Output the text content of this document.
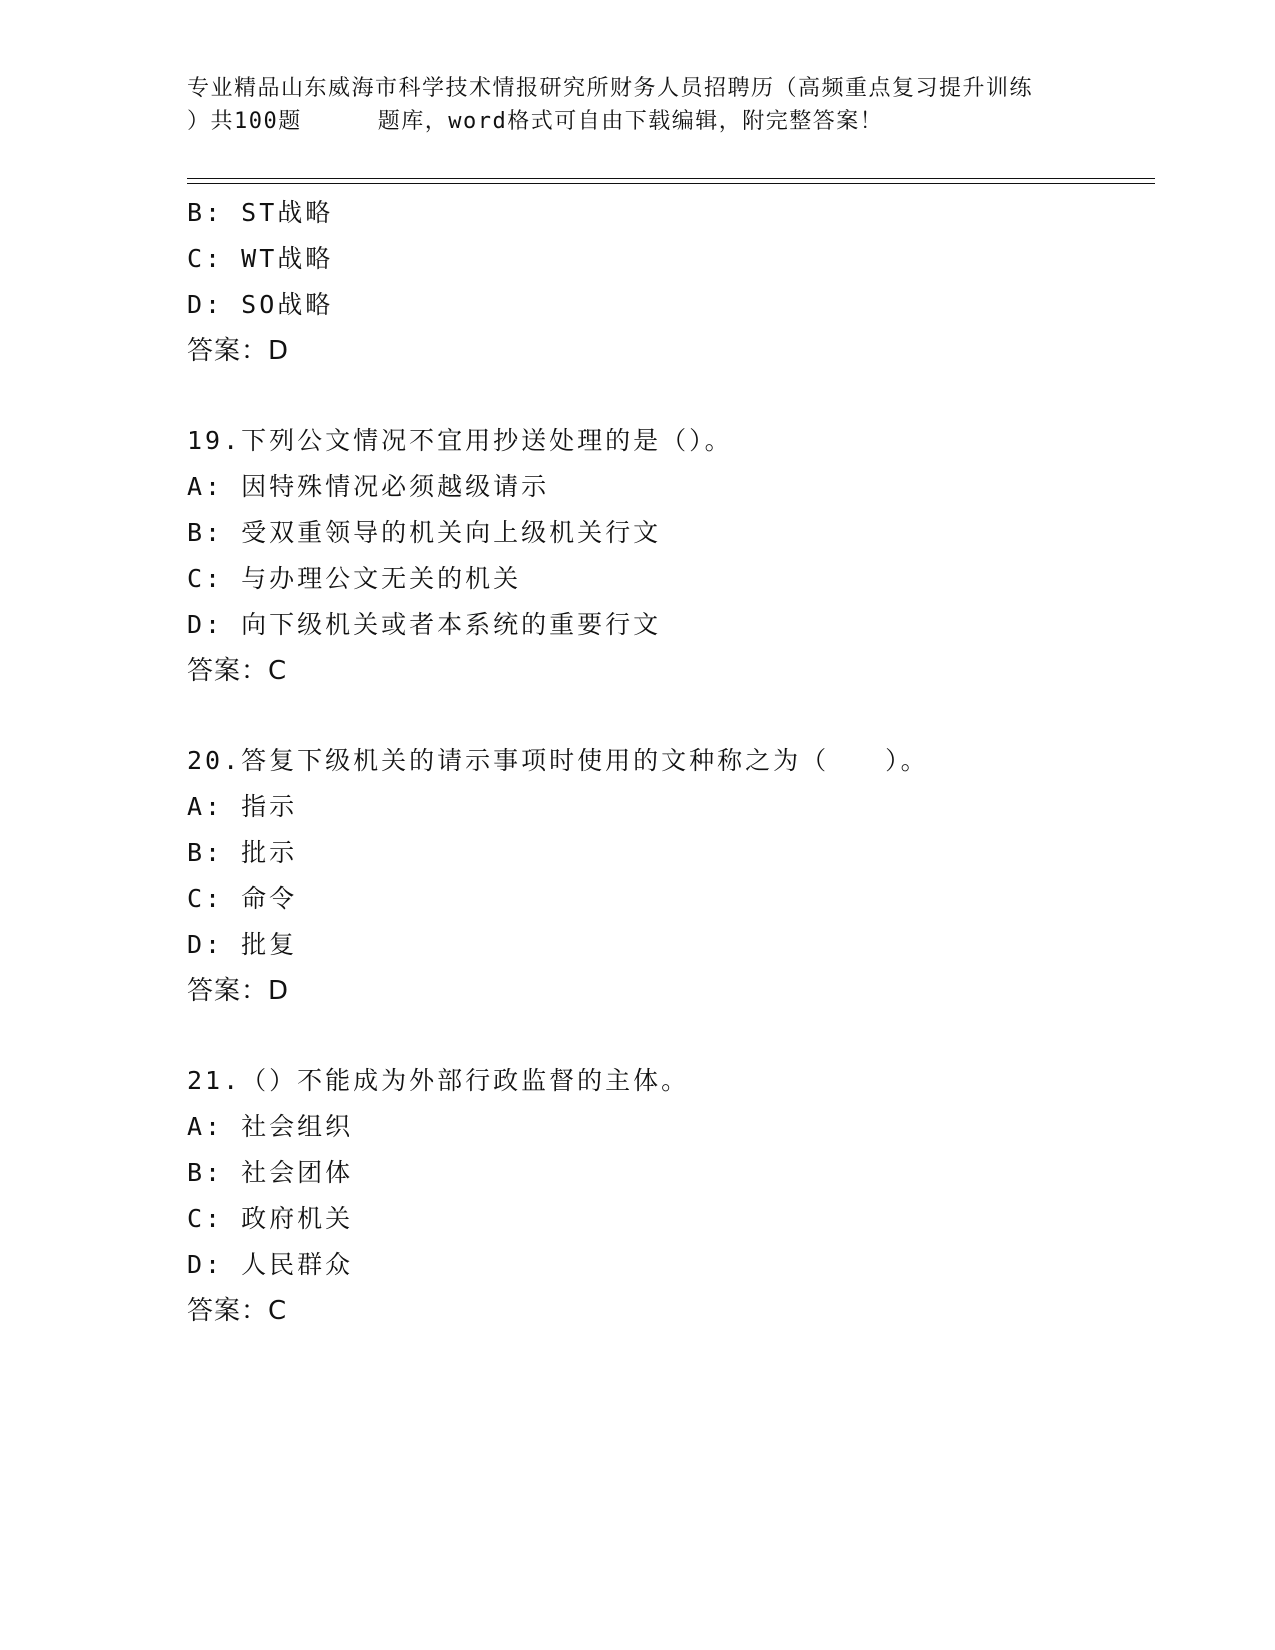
专业精品山东威海市科学技术情报研究所财务人员招聘历（高频重点复习提升训练
）共100题	题库，word格式可自由下载编辑，附完整答案！
B: ST战略
C: WT战略
D: SO战略
答案：D
19.下列公文情况不宜用抄送处理的是（）。
A: 因特殊情况必须越级请示
B: 受双重领导的机关向上级机关行文
C: 与办理公文无关的机关
D: 向下级机关或者本系统的重要行文
答案：C
20.答复下级机关的请示事项时使用的文种称之为（　　）。
A: 指示
B: 批示
C: 命令
D: 批复
答案：D
21.（）不能成为外部行政监督的主体。
A: 社会组织
B: 社会团体
C: 政府机关
D: 人民群众
答案：C
